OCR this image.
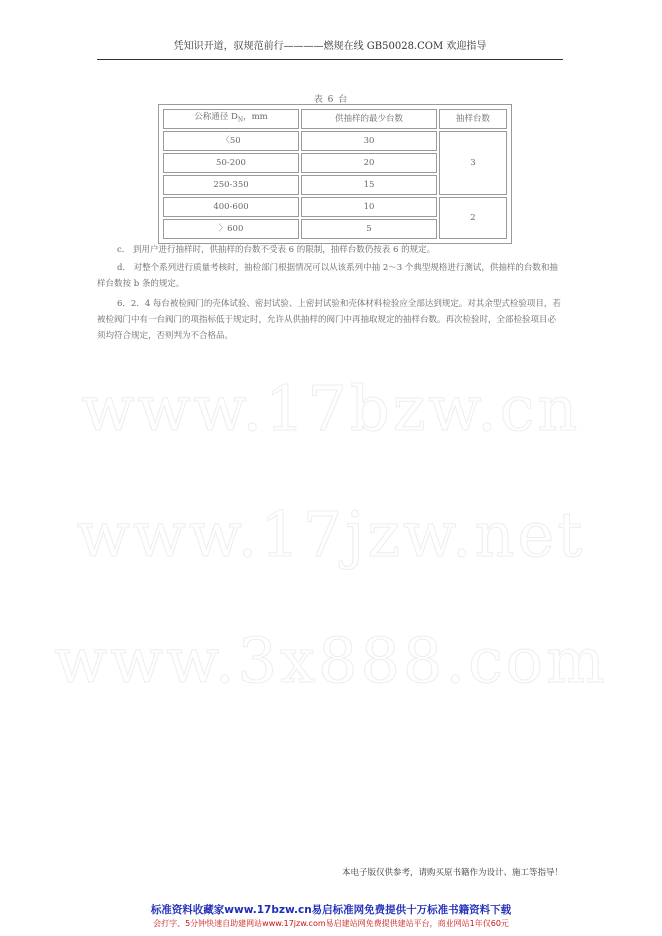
凭知识开道，驭规范前行————燃规在线 GB50028.COM 欢迎指导
www.17bzw.cn
www.17jzw.net
www.3x888.com
表 6 台
公称通径 $D_N$，mm	供抽样的最少台数	抽样台数
〈50	30	3
50-200	20	
250-350	15	
400-600	10	2
〉600	5	

c． 到用户进行抽样时，供抽样的台数不受表 6 的限制，抽样台数仍按表 6 的规定。

d． 对整个系列进行质量考核时，抽检部门根据情况可以从该系列中抽 2～3 个典型规格进行测试，供抽样的台数和抽样台数按 b 条的规定。

6．2．4 每台被检阀门的壳体试验、密封试验、上密封试验和壳体材料检验应全部达到规定。对其余型式检验项目，若被检阀门中有一台阀门的项指标低于规定时，允许从供抽样的阀门中再抽取规定的抽样台数。再次检验时，全部检验项目必须均符合规定，否则判为不合格品。

本电子版仅供参考，请购买原书籍作为设计、施工等指导！
标准资料收藏家www.17bzw.cn易启标准网免费提供十万标准书籍资料下载
会打字、5分钟快速自助建网站www.17jzw.com易启建站网免费提供建站平台，商业网站1年仅60元
